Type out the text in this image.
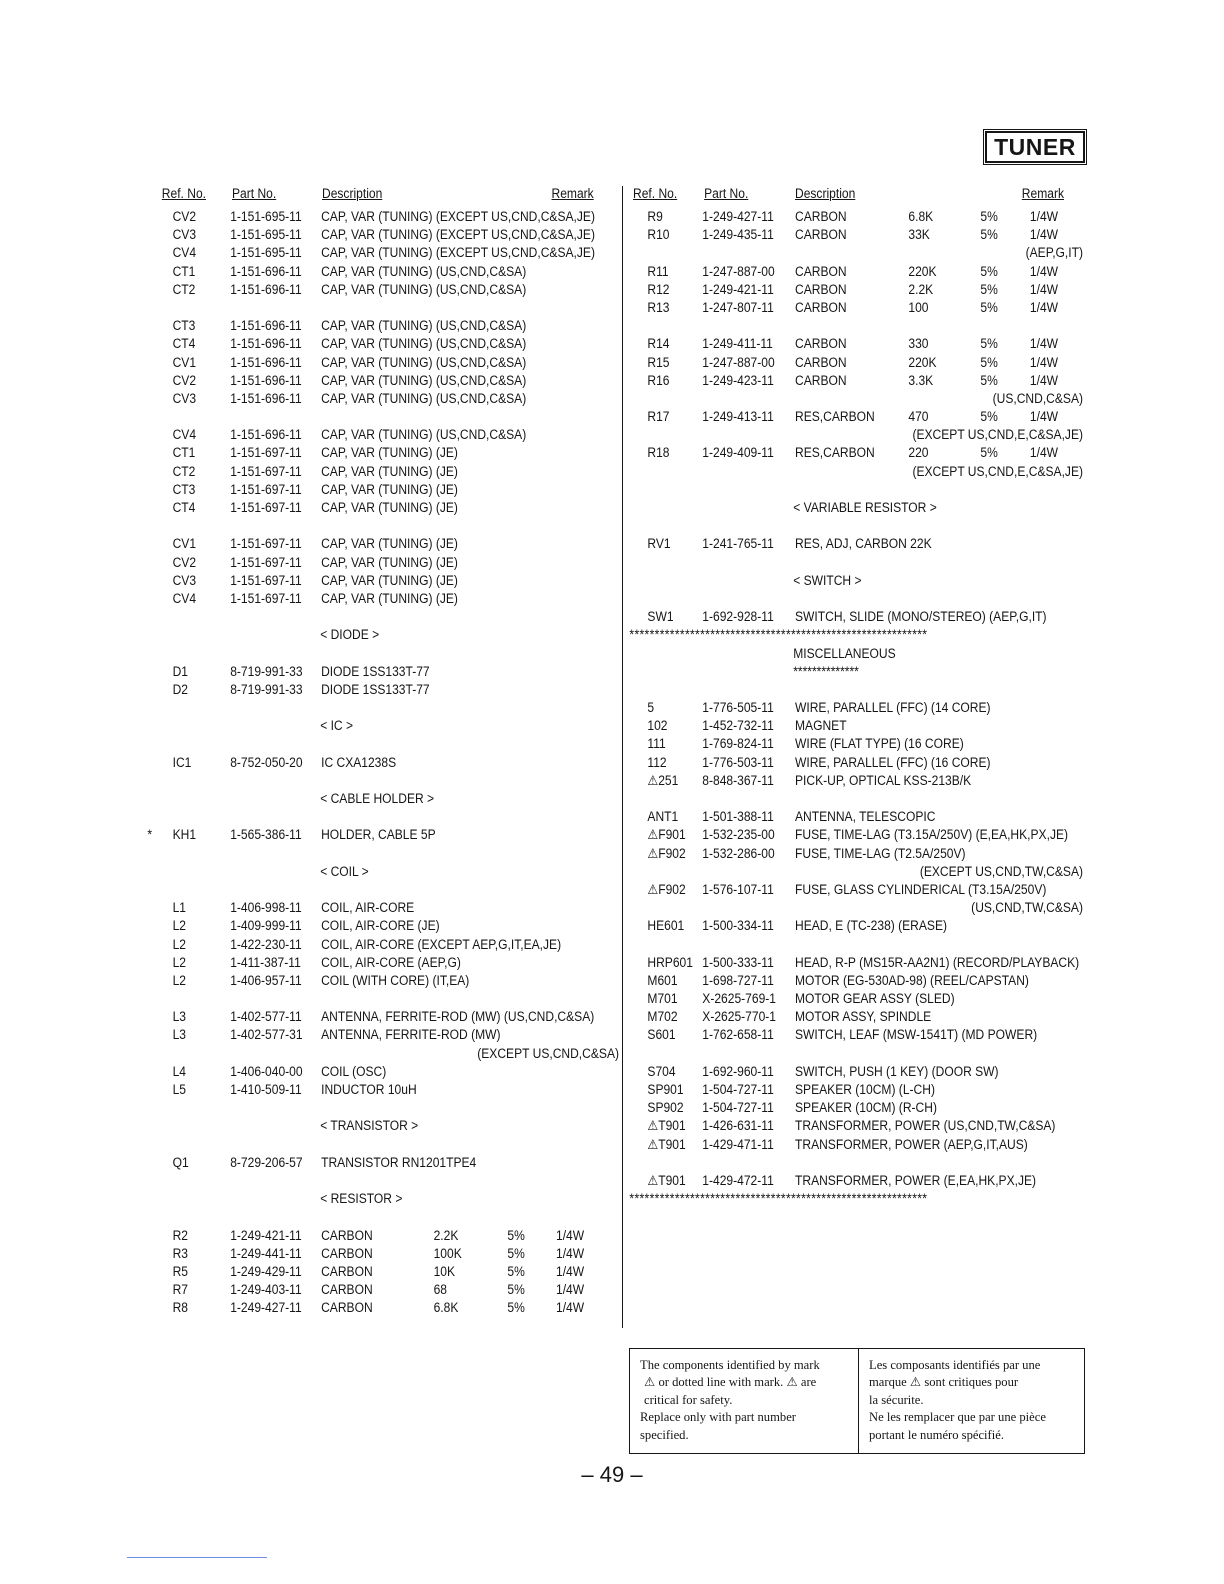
TUNER
Ref. No. Part No.	Description	Remark
CV2	1-151-695-11 CAP, VAR (TUNING) (EXCEPT US,CND,C&SA,JE)
CV3	1-151-695-11 CAP, VAR (TUNING) (EXCEPT US,CND,C&SA,JE)
CV4	1-151-695-11 CAP, VAR (TUNING) (EXCEPT US,CND,C&SA,JE)
CT1	1-151-696-11 CAP, VAR (TUNING) (US,CND,C&SA)
CT2	1-151-696-11 CAP, VAR (TUNING) (US,CND,C&SA)
CT3	1-151-696-11 CAP, VAR (TUNING) (US,CND,C&SA)
CT4	1-151-696-11 CAP, VAR (TUNING) (US,CND,C&SA)
CV1	1-151-696-11 CAP, VAR (TUNING) (US,CND,C&SA)
CV2	1-151-696-11 CAP, VAR (TUNING) (US,CND,C&SA)
CV3	1-151-696-11 CAP, VAR (TUNING) (US,CND,C&SA)
CV4	1-151-696-11 CAP, VAR (TUNING) (US,CND,C&SA)
CT1	1-151-697-11 CAP, VAR (TUNING) (JE)
CT2	1-151-697-11 CAP, VAR (TUNING) (JE)
CT3	1-151-697-11 CAP, VAR (TUNING) (JE)
CT4	1-151-697-11 CAP, VAR (TUNING) (JE)
CV1	1-151-697-11 CAP, VAR (TUNING) (JE)
CV2	1-151-697-11 CAP, VAR (TUNING) (JE)
CV3	1-151-697-11 CAP, VAR (TUNING) (JE)
CV4	1-151-697-11 CAP, VAR (TUNING) (JE)
< DIODE >
D1	8-719-991-33 DIODE 1SS133T-77
D2	8-719-991-33 DIODE 1SS133T-77
< IC >
IC1	8-752-050-20 IC CXA1238S
< CABLE HOLDER >
* KH1	1-565-386-11 HOLDER, CABLE 5P
< COIL >
L1	1-406-998-11 COIL, AIR-CORE
L2	1-409-999-11 COIL, AIR-CORE (JE)
L2	1-422-230-11 COIL, AIR-CORE (EXCEPT AEP,G,IT,EA,JE)
L2	1-411-387-11 COIL, AIR-CORE (AEP,G)
L2	1-406-957-11 COIL (WITH CORE) (IT,EA)
L3	1-402-577-11 ANTENNA, FERRITE-ROD (MW) (US,CND,C&SA)
L3	1-402-577-31 ANTENNA, FERRITE-ROD (MW)
(EXCEPT US,CND,C&SA)
L4	1-406-040-00 COIL (OSC)
L5	1-410-509-11 INDUCTOR 10uH
< TRANSISTOR >
Q1	8-729-206-57 TRANSISTOR RN1201TPE4
< RESISTOR >
R2	1-249-421-11 CARBON	2.2K	5% 1/4W
R3	1-249-441-11 CARBON	100K	5% 1/4W
R5	1-249-429-11 CARBON	10K	5% 1/4W
R7	1-249-403-11 CARBON	68	5% 1/4W
R8	1-249-427-11 CARBON	6.8K	5% 1/4W
Ref. No. Part No.	Description	Remark
R9	1-249-427-11 CARBON	6.8K	5% 1/4W
R10 1-249-435-11 CARBON	33K	5% 1/4W
(AEP,G,IT)
R11	1-247-887-00 CARBON	220K	5% 1/4W
R12 1-249-421-11 CARBON	2.2K	5% 1/4W
R13 1-247-807-11 CARBON	100	5% 1/4W
R14 1-249-411-11 CARBON	330	5% 1/4W
R15 1-247-887-00 CARBON	220K	5% 1/4W
R16 1-249-423-11 CARBON	3.3K	5% 1/4W
(US,CND,C&SA)
R17 1-249-413-11 RES,CARBON	470	5% 1/4W
(EXCEPT US,CND,E,C&SA,JE)
R18 1-249-409-11 RES,CARBON	220	5% 1/4W
(EXCEPT US,CND,E,C&SA,JE)
< VARIABLE RESISTOR >
RV1 1-241-765-11 RES, ADJ, CARBON 22K
< SWITCH >
SW1 1-692-928-11 SWITCH, SLIDE (MONO/STEREO) (AEP,G,IT)
***********************************************************
MISCELLANEOUS
**************
5	1-776-505-11 WIRE, PARALLEL (FFC) (14 CORE)
102	1-452-732-11 MAGNET
111	1-769-824-11 WIRE (FLAT TYPE) (16 CORE)
112	1-776-503-11 WIRE, PARALLEL (FFC) (16 CORE)
⚠251 8-848-367-11 PICK-UP, OPTICAL KSS-213B/K
ANT1 1-501-388-11 ANTENNA, TELESCOPIC
⚠F901 1-532-235-00 FUSE, TIME-LAG (T3.15A/250V) (E,EA,HK,PX,JE)
⚠F902 1-532-286-00 FUSE, TIME-LAG (T2.5A/250V)
(EXCEPT US,CND,TW,C&SA)
⚠F902 1-576-107-11 FUSE, GLASS CYLINDERICAL (T3.15A/250V)
(US,CND,TW,C&SA)
HE601 1-500-334-11 HEAD, E (TC-238) (ERASE)
HRP601 1-500-333-11 HEAD, R-P (MS15R-AA2N1) (RECORD/PLAYBACK)
M601 1-698-727-11 MOTOR (EG-530AD-98) (REEL/CAPSTAN)
M701 X-2625-769-1 MOTOR GEAR ASSY (SLED)
M702 X-2625-770-1 MOTOR ASSY, SPINDLE
S601 1-762-658-11 SWITCH, LEAF (MSW-1541T) (MD POWER)
S704 1-692-960-11 SWITCH, PUSH (1 KEY) (DOOR SW)
SP901 1-504-727-11 SPEAKER (10CM) (L-CH)
SP902 1-504-727-11 SPEAKER (10CM) (R-CH)
⚠T901 1-426-631-11 TRANSFORMER, POWER (US,CND,TW,C&SA)
⚠T901 1-429-471-11 TRANSFORMER, POWER (AEP,G,IT,AUS)
⚠T901 1-429-472-11 TRANSFORMER, POWER (E,EA,HK,PX,JE)
***********************************************************

The components identified by mark

⚠ or dotted line with mark. ⚠ are

critical for safety.

Replace only with part number

specified.

Les composants identifiés par une

marque ⚠ sont critiques pour

la sécurite.

Ne les remplacer que par une pièce

portant le numéro spécifié.

– 49 –
